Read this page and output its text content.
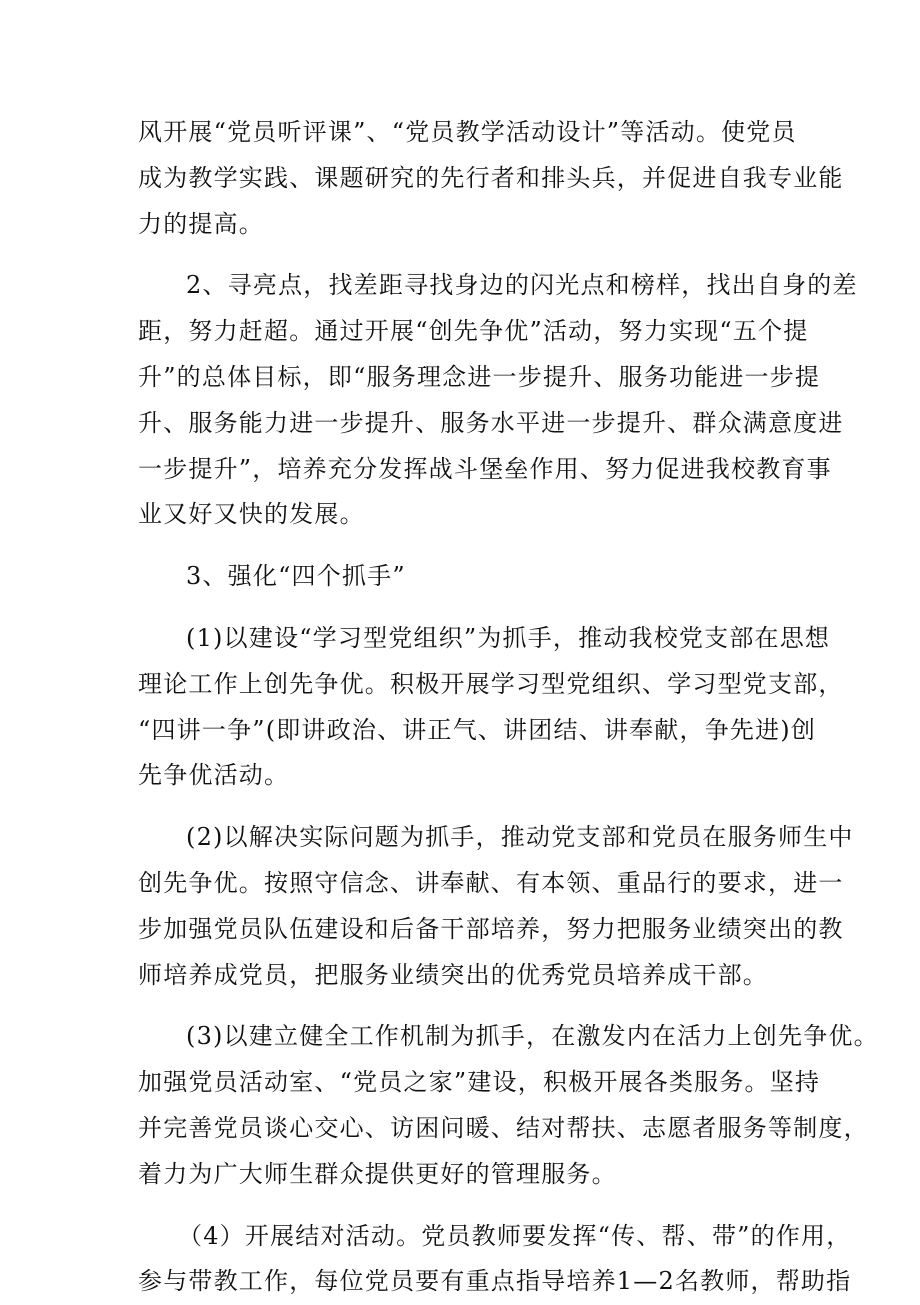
风开展“党员听评课”、“党员教学活动设计”等活动。使党员
成为教学实践、课题研究的先行者和排头兵，并促进自我专业能
力的提高。
2、寻亮点，找差距寻找身边的闪光点和榜样，找出自身的差
距，努力赶超。通过开展“创先争优”活动，努力实现“五个提
升”的总体目标，即“服务理念进一步提升、服务功能进一步提
升、服务能力进一步提升、服务水平进一步提升、群众满意度进
一步提升”，培养充分发挥战斗堡垒作用、努力促进我校教育事
业又好又快的发展。
3、强化“四个抓手”
(1)以建设“学习型党组织”为抓手，推动我校党支部在思想
理论工作上创先争优。积极开展学习型党组织、学习型党支部，
“四讲一争”(即讲政治、讲正气、讲团结、讲奉献，争先进)创
先争优活动。
(2)以解决实际问题为抓手，推动党支部和党员在服务师生中
创先争优。按照守信念、讲奉献、有本领、重品行的要求，进一
步加强党员队伍建设和后备干部培养，努力把服务业绩突出的教
师培养成党员，把服务业绩突出的优秀党员培养成干部。
(3)以建立健全工作机制为抓手，在激发内在活力上创先争优。
加强党员活动室、“党员之家”建设，积极开展各类服务。坚持
并完善党员谈心交心、访困问暖、结对帮扶、志愿者服务等制度，
着力为广大师生群众提供更好的管理服务。
（4）开展结对活动。党员教师要发挥“传、帮、带”的作用，
参与带教工作，每位党员要有重点指导培养1—2名教师，帮助指
